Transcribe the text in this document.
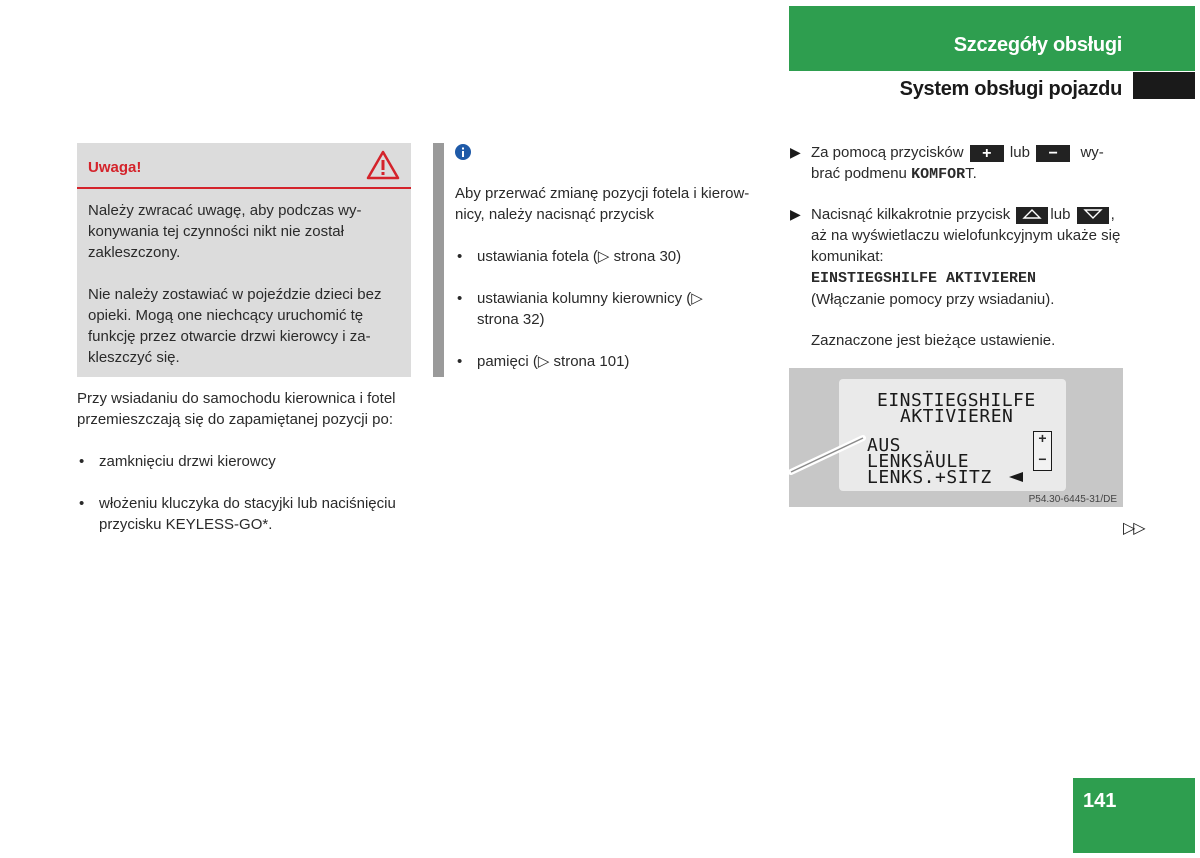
Szczegóły obsługi
System obsługi pojazdu
Uwaga!
Należy zwracać uwagę, aby podczas wy-konywania tej czynności nikt nie został zakleszczony.
Nie należy zostawiać w pojeździe dzieci bez opieki. Mogą one niechcący uruchomić tę funkcję przez otwarcie drzwi kierowcy i za-kleszczyć się.
Przy wsiadaniu do samochodu kierownica i fotel przemieszczają się do zapamiętanej pozycji po:
• zamknięciu drzwi kierowcy
• włożeniu kluczyka do stacyjki lub naciśnięciu przycisku KEYLESS-GO*.
Aby przerwać zmianę pozycji fotela i kierow-nicy, należy nacisnąć przycisk
• ustawiania fotela (▷ strona 30)
• ustawiania kolumny kierownicy (▷ strona 32)
• pamięci (▷ strona 101)
▶ Za pomocą przycisków + lub − wy-
brać podmenu KOMFORT.
▶ Nacisnąć kilkakrotnie przycisk	lub	,
aż na wyświetlaczu wielofunkcyjnym ukaże się komunikat:
EINSTIEGSHILFE AKTIVIEREN
(Włączanie pomocy przy wsiadaniu).
Zaznaczone jest bieżące ustawienie.
EINSTIEGSHILFE
AKTIVIEREN
AUS
LENKSÄULE
LENKS.+SITZ
+
−
P54.30-6445-31/DE
▷▷
141
